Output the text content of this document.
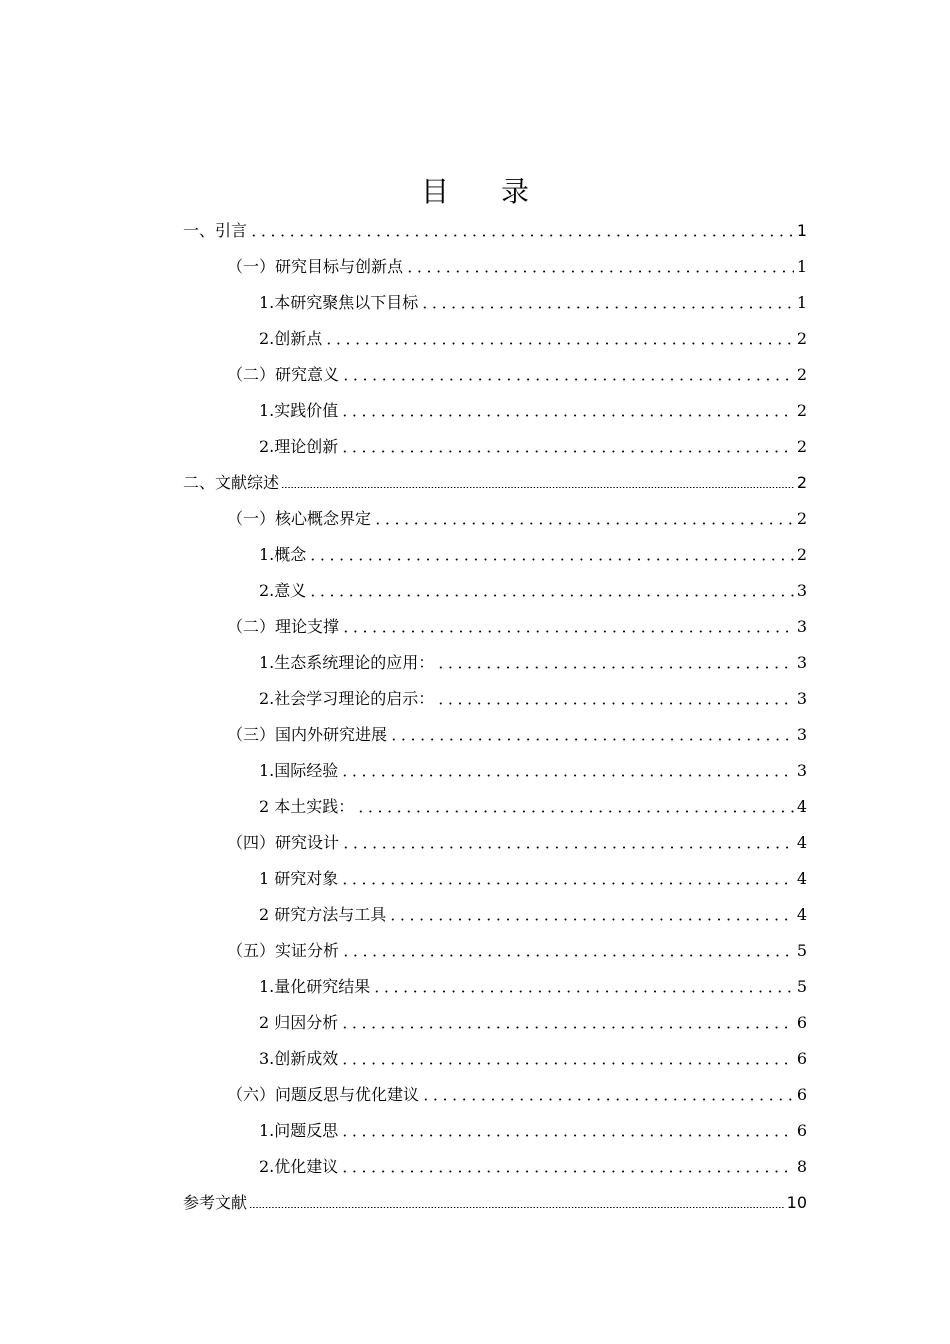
目 录
一、引言	1
（一）研究目标与创新点	1
1.本研究聚焦以下目标	1
2.创新点	2
（二）研究意义	2
1.实践价值	2
2.理论创新	2
二、文献综述	2
（一）核心概念界定	2
1.概念	2
2.意义	3
（二）理论支撑	3
1.生态系统理论的应用：	3
2.社会学习理论的启示：	3
（三）国内外研究进展	3
1.国际经验	3
2 本土实践：	4
（四）研究设计	4
1 研究对象	4
2 研究方法与工具	4
（五）实证分析	5
1.量化研究结果	5
2 归因分析	6
3.创新成效	6
（六）问题反思与优化建议	6
1.问题反思	6
2.优化建议	8
参考文献	10
